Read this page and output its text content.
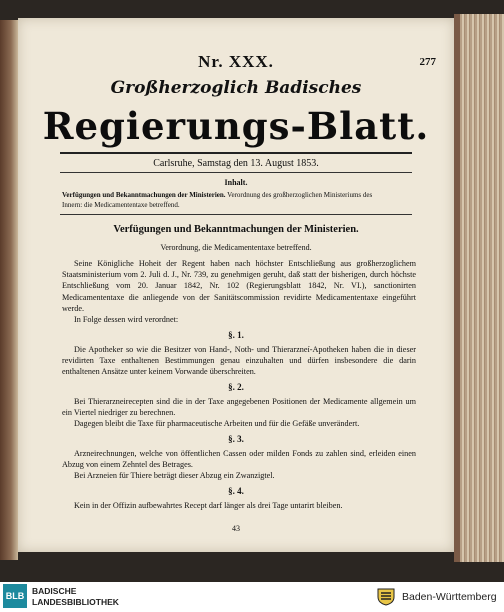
Nr. XXX.	277
Großherzoglich Badisches
Regierungs-Blatt.
Carlsruhe, Samstag den 13. August 1853.
Inhalt.
Verfügungen und Bekanntmachungen der Ministerien. Verordnung des großherzoglichen Ministeriums des
Innern: die Medicamententaxe betreffend.
Verfügungen und Bekanntmachungen der Ministerien.
Verordnung, die Medicamententaxe betreffend.

Seine Königliche Hoheit der Regent haben nach höchster Entschließung aus großherzoglichem Staatsministerium vom 2. Juli d. J., Nr. 739, zu genehmigen geruht, daß statt der bisherigen, durch höchste Entschließung vom 20. Januar 1842, Nr. 102 (Regierungsblatt 1842, Nr. VI.), sanctionirten Medicamententaxe die anliegende von der Sanitätscommission revidirte Medicamententaxe eingeführt werde.

In Folge dessen wird verordnet:

§. 1.

Die Apotheker so wie die Besitzer von Hand-, Noth- und Thierarzneí-Apotheken haben die in dieser revidirten Taxe enthaltenen Bestimmungen genau einzuhalten und dürfen insbesondere die darin enthaltenen Ansätze unter keinem Vorwande überschreiten.

§. 2.

Bei Thierarzneirecepten sind die in der Taxe angegebenen Positionen der Medicamente allgemein um ein Viertel niedriger zu berechnen.

Dagegen bleibt die Taxe für pharmaceutische Arbeiten und für die Gefäße unverändert.

§. 3.

Arzneirechnungen, welche von öffentlichen Cassen oder milden Fonds zu zahlen sind, erleiden einen Abzug von einem Zehntel des Betrages.

Bei Arzneien für Thiere beträgt dieser Abzug ein Zwanzigtel.

§. 4.

Kein in der Offizin aufbewahrtes Recept darf länger als drei Tage untarirt bleiben.

43
BLB BADISCHE
LANDESBIBLIOTHEK	Baden-Württemberg
